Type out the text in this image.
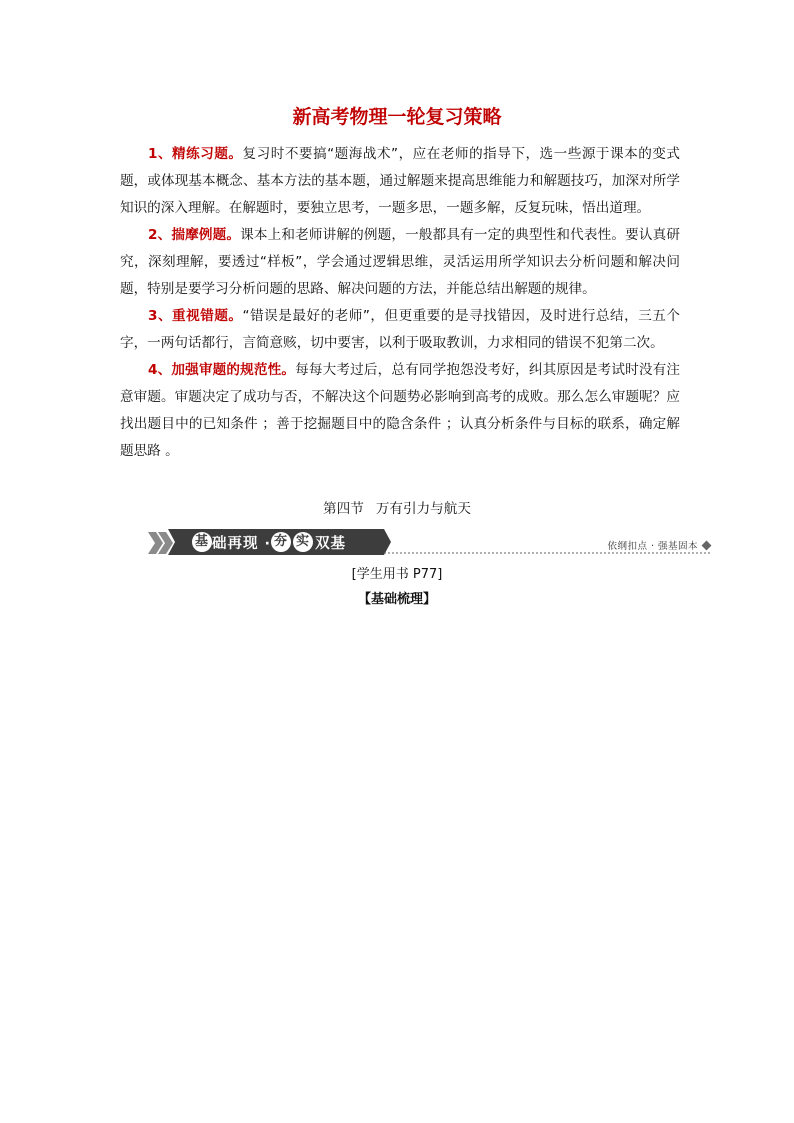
新高考物理一轮复习策略

1、精练习题。复习时不要搞“题海战术”，应在老师的指导下，选一些源于课本的变式题，或体现基本概念、基本方法的基本题，通过解题来提高思维能力和解题技巧，加深对所学知识的深入理解。在解题时，要独立思考，一题多思，一题多解，反复玩味，悟出道理。

2、揣摩例题。课本上和老师讲解的例题，一般都具有一定的典型性和代表性。要认真研究，深刻理解，要透过“样板”，学会通过逻辑思维，灵活运用所学知识去分析问题和解决问题，特别是要学习分析问题的思路、解决问题的方法，并能总结出解题的规律。

3、重视错题。“错误是最好的老师”，但更重要的是寻找错因，及时进行总结，三五个字，一两句话都行，言简意赅，切中要害，以利于吸取教训，力求相同的错误不犯第二次。

4、加强审题的规范性。每每大考过后，总有同学抱怨没考好，纠其原因是考试时没有注意审题。审题决定了成功与否，不解决这个问题势必影响到高考的成败。那么怎么审题呢？应找出题目中的已知条件 ；善于挖掘题目中的隐含条件 ；认真分析条件与目标的联系，确定解题思路 。

第四节 万有引力与航天
基 础再现 · 夯 实 双基	依纲扣点 · 强基固本
[学生用书 P77]
【基础梳理】
